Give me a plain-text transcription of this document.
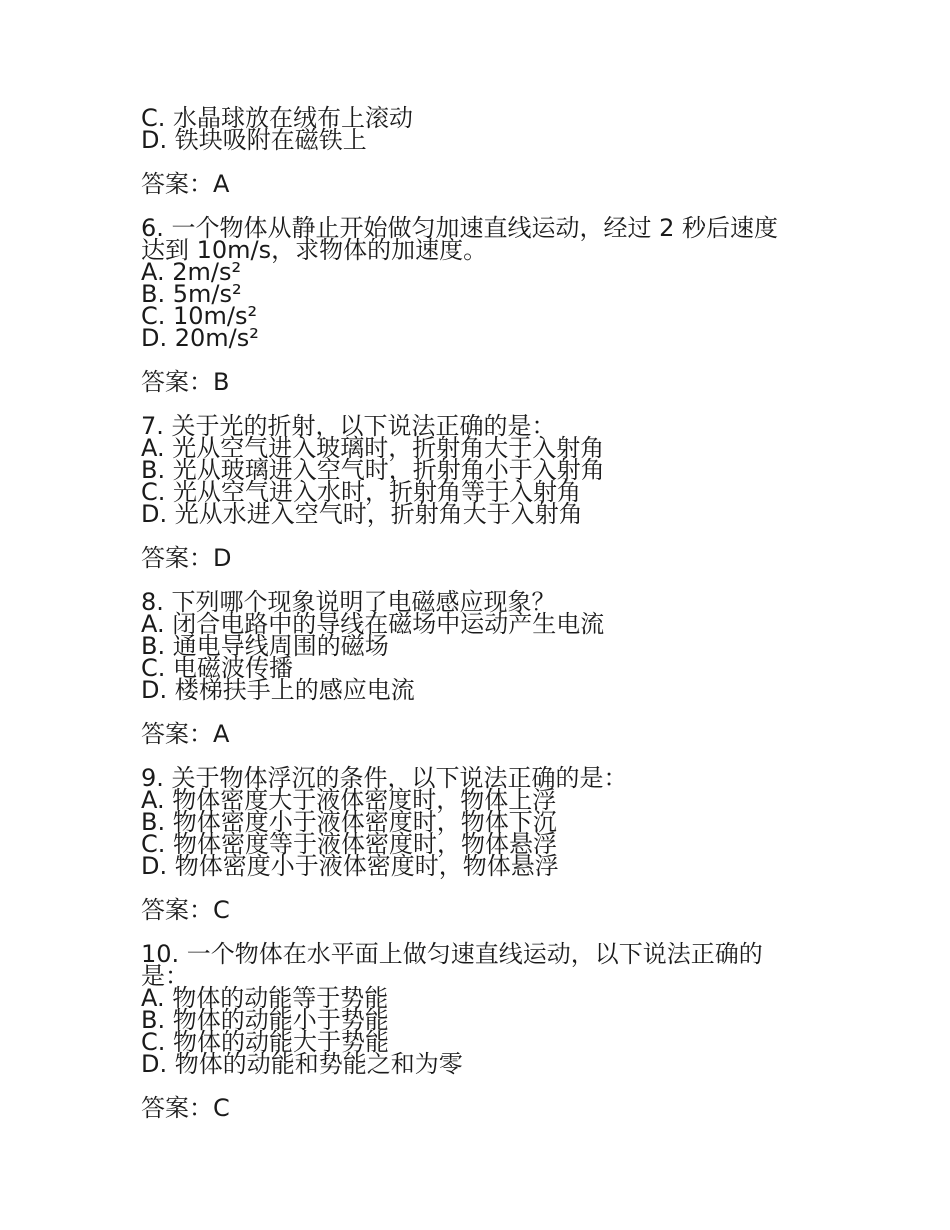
C. 水晶球放在绒布上滚动
D. 铁块吸附在磁铁上
答案：A
6. 一个物体从静止开始做匀加速直线运动，经过 2 秒后速度
达到 10m/s，求物体的加速度。
A. 2m/s²
B. 5m/s²
C. 10m/s²
D. 20m/s²
答案：B
7. 关于光的折射，以下说法正确的是：
A. 光从空气进入玻璃时，折射角大于入射角
B. 光从玻璃进入空气时，折射角小于入射角
C. 光从空气进入水时，折射角等于入射角
D. 光从水进入空气时，折射角大于入射角
答案：D
8. 下列哪个现象说明了电磁感应现象？
A. 闭合电路中的导线在磁场中运动产生电流
B. 通电导线周围的磁场
C. 电磁波传播
D. 楼梯扶手上的感应电流
答案：A
9. 关于物体浮沉的条件，以下说法正确的是：
A. 物体密度大于液体密度时，物体上浮
B. 物体密度小于液体密度时，物体下沉
C. 物体密度等于液体密度时，物体悬浮
D. 物体密度小于液体密度时，物体悬浮
答案：C
10. 一个物体在水平面上做匀速直线运动，以下说法正确的
是：
A. 物体的动能等于势能
B. 物体的动能小于势能
C. 物体的动能大于势能
D. 物体的动能和势能之和为零
答案：C
